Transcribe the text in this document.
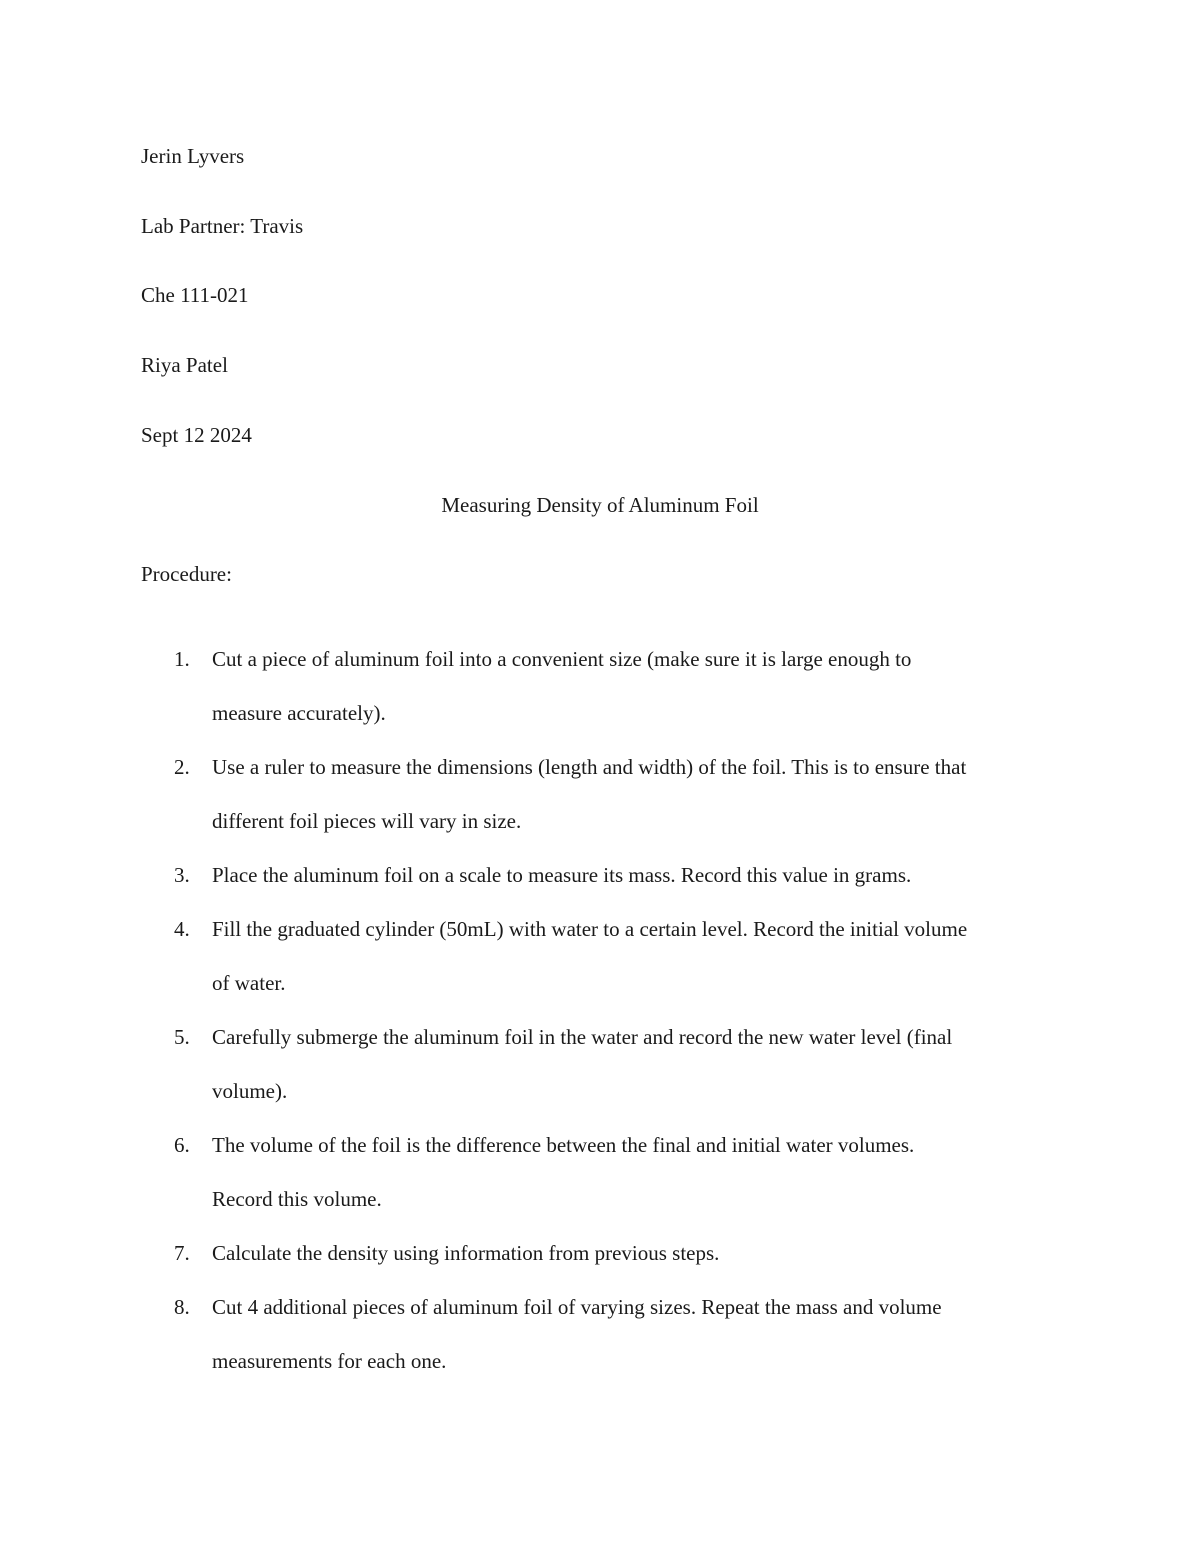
Jerin Lyvers
Lab Partner: Travis
Che 111-021
Riya Patel
Sept 12 2024
Measuring Density of Aluminum Foil
Procedure:
1.	Cut a piece of aluminum foil into a convenient size (make sure it is large enough to
measure accurately).
2.	Use a ruler to measure the dimensions (length and width) of the foil. This is to ensure that
different foil pieces will vary in size.
3.	Place the aluminum foil on a scale to measure its mass. Record this value in grams.
4.	Fill the graduated cylinder (50mL) with water to a certain level. Record the initial volume
of water.
5.	Carefully submerge the aluminum foil in the water and record the new water level (final
volume).
6.	The volume of the foil is the difference between the final and initial water volumes.
Record this volume.
7.	Calculate the density using information from previous steps.
8.	Cut 4 additional pieces of aluminum foil of varying sizes. Repeat the mass and volume
measurements for each one.
